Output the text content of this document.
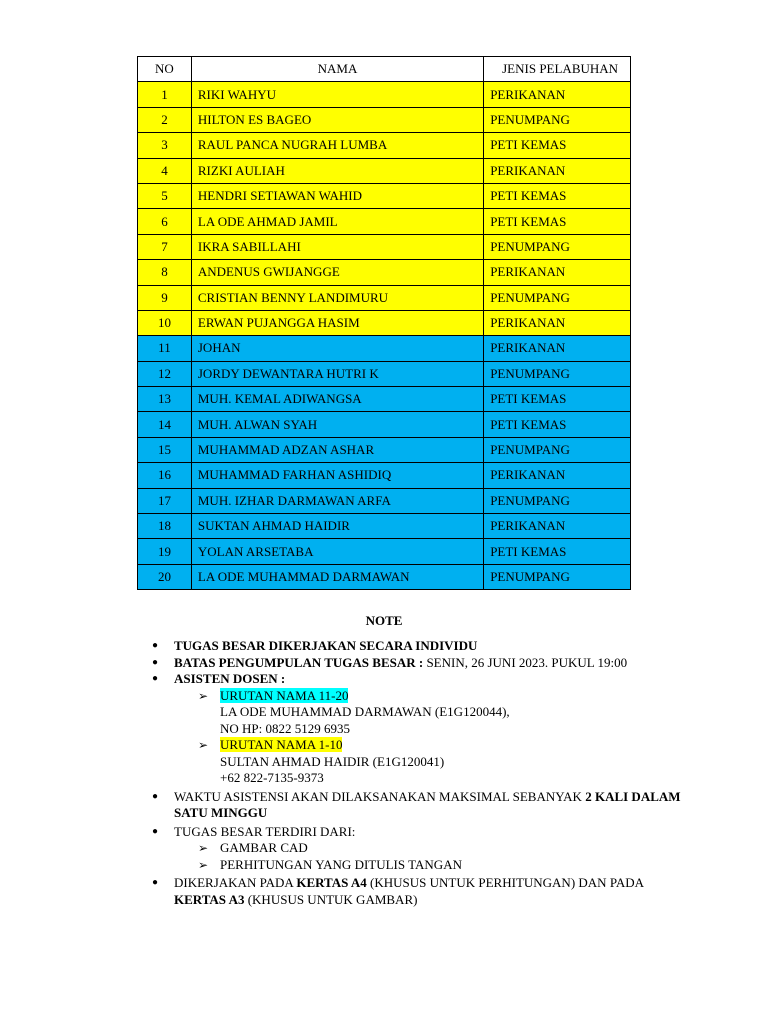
NO	NAMA	JENIS PELABUHAN
1	RIKI WAHYU	PERIKANAN
2	HILTON ES BAGEO	PENUMPANG
3	RAUL PANCA NUGRAH LUMBA	PETI KEMAS
4	RIZKI AULIAH	PERIKANAN
5	HENDRI SETIAWAN WAHID	PETI KEMAS
6	LA ODE AHMAD JAMIL	PETI KEMAS
7	IKRA SABILLAHI	PENUMPANG
8	ANDENUS GWIJANGGE	PERIKANAN
9	CRISTIAN BENNY LANDIMURU	PENUMPANG
10	ERWAN PUJANGGA HASIM	PERIKANAN
11	JOHAN	PERIKANAN
12	JORDY DEWANTARA HUTRI K	PENUMPANG
13	MUH. KEMAL ADIWANGSA	PETI KEMAS
14	MUH. ALWAN SYAH	PETI KEMAS
15	MUHAMMAD ADZAN ASHAR	PENUMPANG
16	MUHAMMAD FARHAN ASHIDIQ	PERIKANAN
17	MUH. IZHAR DARMAWAN ARFA	PENUMPANG
18	SUKTAN AHMAD HAIDIR	PERIKANAN
19	YOLAN ARSETABA	PETI KEMAS
20	LA ODE MUHAMMAD DARMAWAN	PENUMPANG
NOTE
● TUGAS BESAR DIKERJAKAN SECARA INDIVIDU
● BATAS PENGUMPULAN TUGAS BESAR : SENIN, 26 JUNI 2023. PUKUL 19:00
● ASISTEN DOSEN :
➢ URUTAN NAMA 11-20
LA ODE MUHAMMAD DARMAWAN (E1G120044),
NO HP: 0822 5129 6935
➢ URUTAN NAMA 1-10
SULTAN AHMAD HAIDIR (E1G120041)
+62 822-7135-9373
● WAKTU ASISTENSI AKAN DILAKSANAKAN MAKSIMAL SEBANYAK 2 KALI DALAM SATU MINGGU
● TUGAS BESAR TERDIRI DARI:
➢ GAMBAR CAD
➢ PERHITUNGAN YANG DITULIS TANGAN
● DIKERJAKAN PADA KERTAS A4 (KHUSUS UNTUK PERHITUNGAN) DAN PADA KERTAS A3 (KHUSUS UNTUK GAMBAR)
